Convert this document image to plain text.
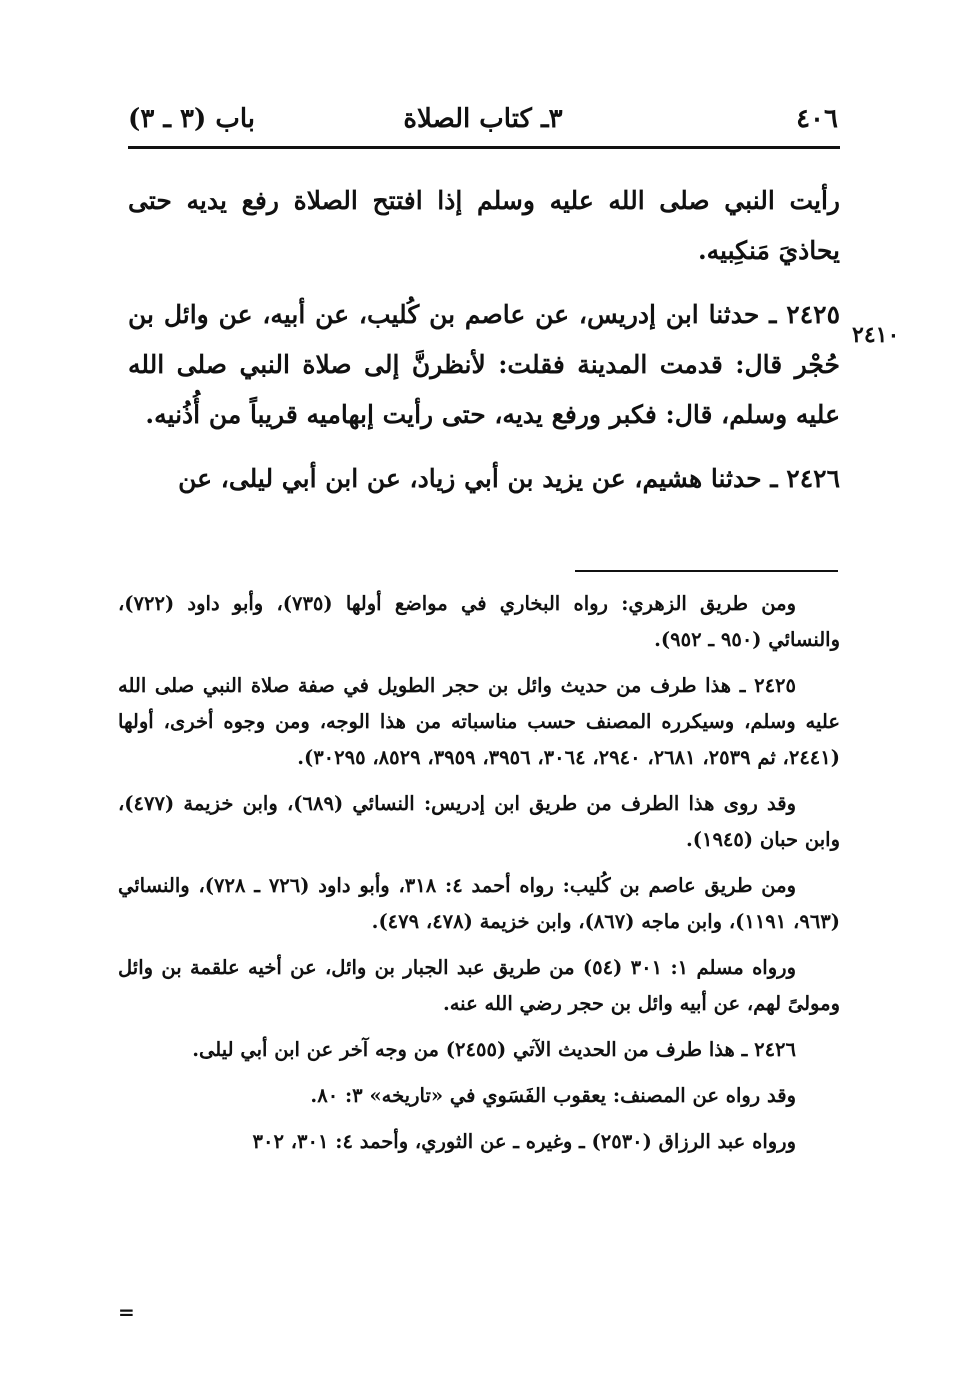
٤٠٦
٣ـ كتاب الصلاة
باب (٣ ـ ٣)
٢٤١٠

رأيت النبي صلى الله عليه وسلم إذا افتتح الصلاة رفع يديه حتى يحاذيَ مَنكِبيه.

٢٤٢٥ ـ حدثنا ابن إدريس، عن عاصم بن كُليب، عن أبيه، عن وائل بن حُجْر قال: قدمت المدينة فقلت: لأنظرنَّ إلى صلاة النبي صلى الله عليه وسلم، قال: فكبر ورفع يديه، حتى رأيت إبهاميه قريباً من أُذُنيه.

٢٤٢٦ ـ حدثنا هشيم، عن يزيد بن أبي زياد، عن ابن أبي ليلى، عن

ومن طريق الزهري: رواه البخاري في مواضع أولها (٧٣٥)، وأبو داود (٧٢٢)، والنسائي (٩٥٠ ـ ٩٥٢).

٢٤٢٥ ـ هذا طرف من حديث وائل بن حجر الطويل في صفة صلاة النبي صلى الله عليه وسلم، وسيكرره المصنف حسب مناسباته من هذا الوجه، ومن وجوه أخرى، أولها (٢٤٤١، ثم ٢٥٣٩، ٢٦٨١، ٢٩٤٠، ٣٠٦٤، ٣٩٥٦، ٣٩٥٩، ٨٥٢٩، ٣٠٢٩٥).

وقد روى هذا الطرف من طريق ابن إدريس: النسائي (٦٨٩)، وابن خزيمة (٤٧٧)، وابن حبان (١٩٤٥).

ومن طريق عاصم بن كُليب: رواه أحمد ٤: ٣١٨، وأبو داود (٧٢٦ ـ ٧٢٨)، والنسائي (٩٦٣، ١١٩١)، وابن ماجه (٨٦٧)، وابن خزيمة (٤٧٨، ٤٧٩).

ورواه مسلم ١: ٣٠١ (٥٤) من طريق عبد الجبار بن وائل، عن أخيه علقمة بن وائل ومولىً لهم، عن أبيه وائل بن حجر رضي الله عنه.

٢٤٢٦ ـ هذا طرف من الحديث الآتي (٢٤٥٥) من وجه آخر عن ابن أبي ليلى.

وقد رواه عن المصنف: يعقوب الفَسَوي في «تاريخه» ٣: ٨٠.

ورواه عبد الرزاق (٢٥٣٠) ـ وغيره ـ عن الثوري، وأحمد ٤: ٣٠١، ٣٠٢

=
